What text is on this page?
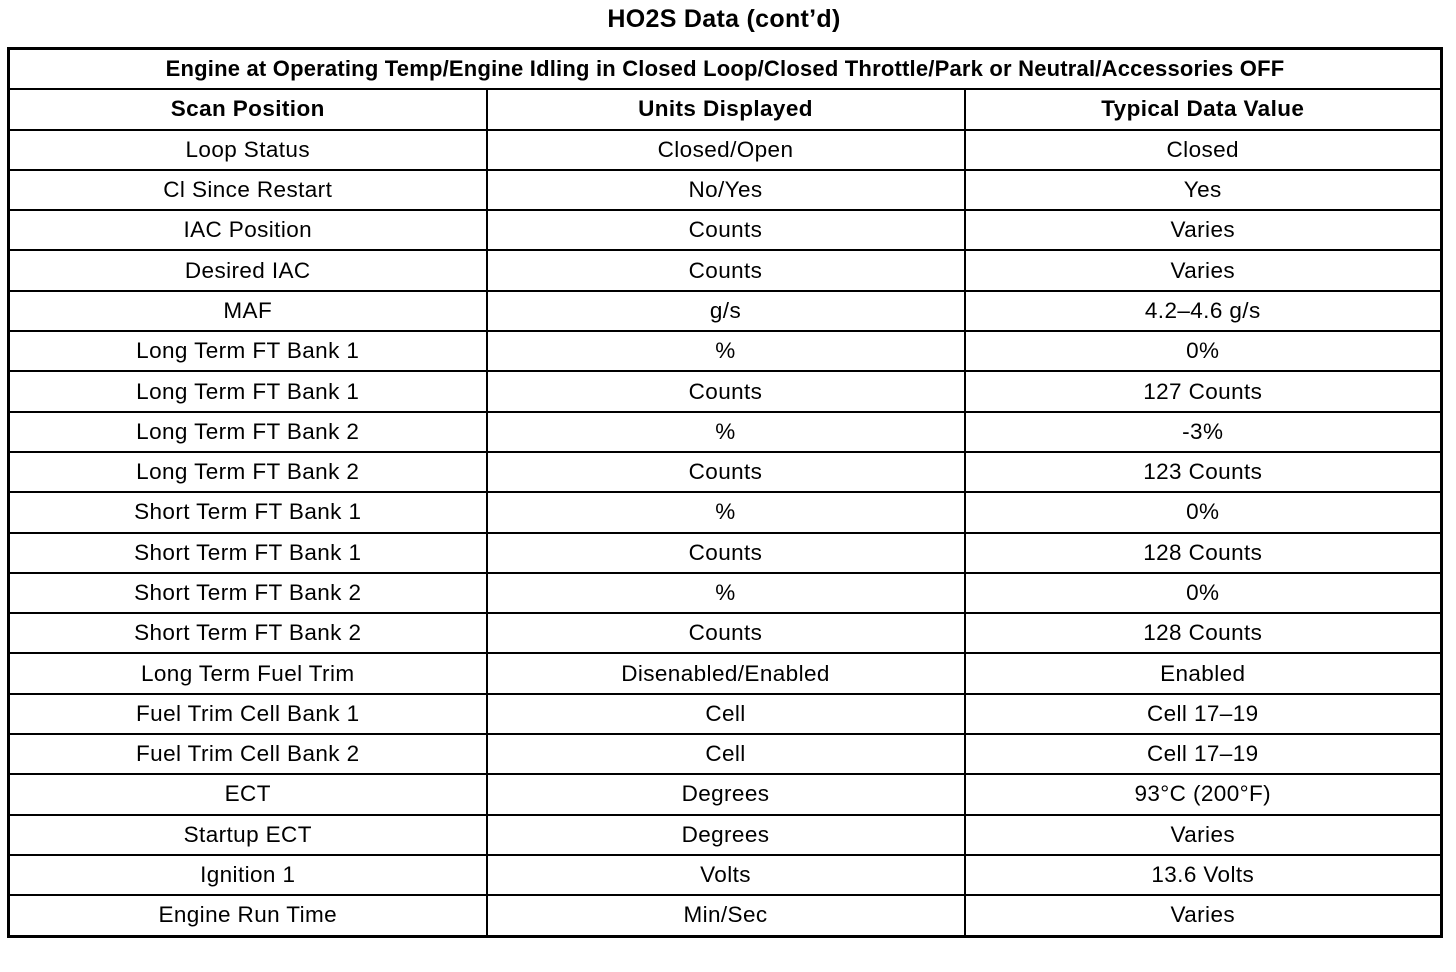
HO2S Data (cont’d)
Engine at Operating Temp/Engine Idling in Closed Loop/Closed Throttle/Park or Neutral/Accessories OFF		
Scan Position	Units Displayed	Typical Data Value
Loop Status	Closed/Open	Closed
Cl Since Restart	No/Yes	Yes
IAC Position	Counts	Varies
Desired IAC	Counts	Varies
MAF	g/s	4.2–4.6 g/s
Long Term FT Bank 1	%	0%
Long Term FT Bank 1	Counts	127 Counts
Long Term FT Bank 2	%	-3%
Long Term FT Bank 2	Counts	123 Counts
Short Term FT Bank 1	%	0%
Short Term FT Bank 1	Counts	128 Counts
Short Term FT Bank 2	%	0%
Short Term FT Bank 2	Counts	128 Counts
Long Term Fuel Trim	Disenabled/Enabled	Enabled
Fuel Trim Cell Bank 1	Cell	Cell 17–19
Fuel Trim Cell Bank 2	Cell	Cell 17–19
ECT	Degrees	93°C (200°F)
Startup ECT	Degrees	Varies
Ignition 1	Volts	13.6 Volts
Engine Run Time	Min/Sec	Varies
